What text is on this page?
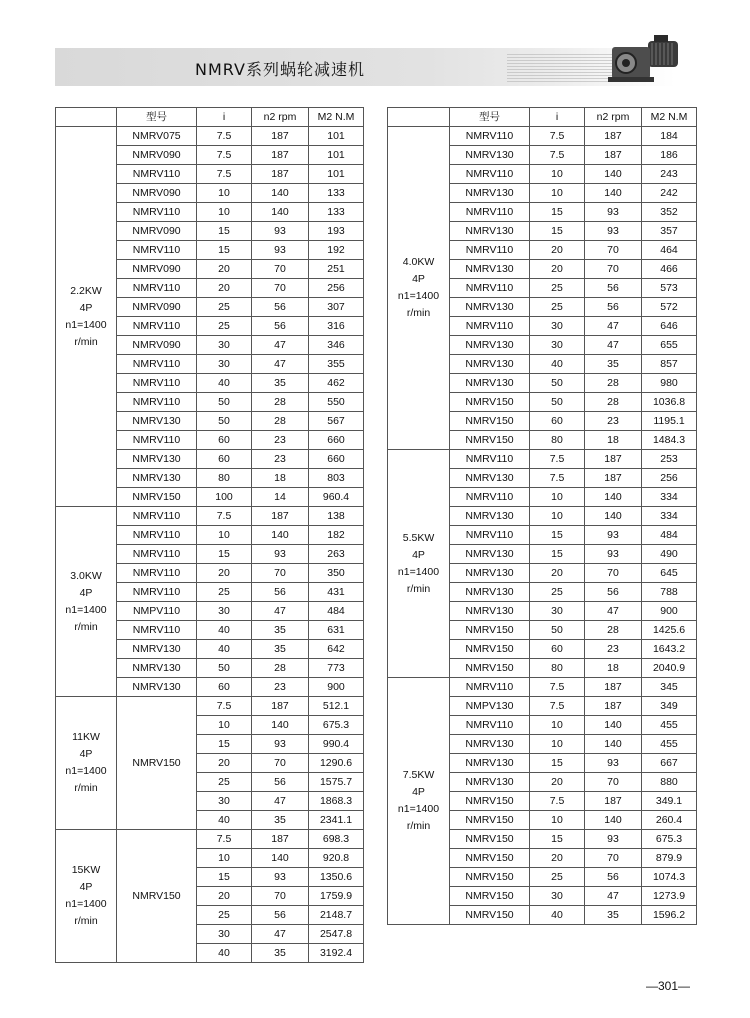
NMRV系列蜗轮减速机
	型号	i	n2 rpm	M2 N.M
2.2KW
4P
n1=1400
r/min	NMRV075	7.5	187	101
	NMRV090	7.5	187	101
	NMRV110	7.5	187	101
	NMRV090	10	140	133
	NMRV110	10	140	133
	NMRV090	15	93	193
	NMRV110	15	93	192
	NMRV090	20	70	251
	NMRV110	20	70	256
	NMRV090	25	56	307
	NMRV110	25	56	316
	NMRV090	30	47	346
	NMRV110	30	47	355
	NMRV110	40	35	462
	NMRV110	50	28	550
	NMRV130	50	28	567
	NMRV110	60	23	660
	NMRV130	60	23	660
	NMRV130	80	18	803
	NMRV150	100	14	960.4
3.0KW
4P
n1=1400
r/min	NMRV110	7.5	187	138
	NMRV110	10	140	182
	NMRV110	15	93	263
	NMRV110	20	70	350
	NMRV110	25	56	431
	NMPV110	30	47	484
	NMRV110	40	35	631
	NMRV130	40	35	642
	NMRV130	50	28	773
	NMRV130	60	23	900
11KW
4P
n1=1400
r/min	NMRV150	7.5	187	512.1
		10	140	675.3
		15	93	990.4
		20	70	1290.6
		25	56	1575.7
		30	47	1868.3
		40	35	2341.1
15KW
4P
n1=1400
r/min	NMRV150	7.5	187	698.3
		10	140	920.8
		15	93	1350.6
		20	70	1759.9
		25	56	2148.7
		30	47	2547.8
		40	35	3192.4
	型号	i	n2 rpm	M2 N.M
4.0KW
4P
n1=1400
r/min	NMRV110	7.5	187	184
	NMRV130	7.5	187	186
	NMRV110	10	140	243
	NMRV130	10	140	242
	NMRV110	15	93	352
	NMRV130	15	93	357
	NMRV110	20	70	464
	NMRV130	20	70	466
	NMRV110	25	56	573
	NMRV130	25	56	572
	NMRV110	30	47	646
	NMRV130	30	47	655
	NMRV130	40	35	857
	NMRV130	50	28	980
	NMRV150	50	28	1036.8
	NMRV150	60	23	1195.1
	NMRV150	80	18	1484.3
5.5KW
4P
n1=1400
r/min	NMRV110	7.5	187	253
	NMRV130	7.5	187	256
	NMRV110	10	140	334
	NMRV130	10	140	334
	NMRV110	15	93	484
	NMRV130	15	93	490
	NMRV130	20	70	645
	NMRV130	25	56	788
	NMRV130	30	47	900
	NMRV150	50	28	1425.6
	NMRV150	60	23	1643.2
	NMRV150	80	18	2040.9
7.5KW
4P
n1=1400
r/min	NMRV110	7.5	187	345
	NMPV130	7.5	187	349
	NMRV110	10	140	455
	NMRV130	10	140	455
	NMRV130	15	93	667
	NMRV130	20	70	880
	NMRV150	7.5	187	349.1
	NMRV150	10	140	260.4
	NMRV150	15	93	675.3
	NMRV150	20	70	879.9
	NMRV150	25	56	1074.3
	NMRV150	30	47	1273.9
	NMRV150	40	35	1596.2
—301—
